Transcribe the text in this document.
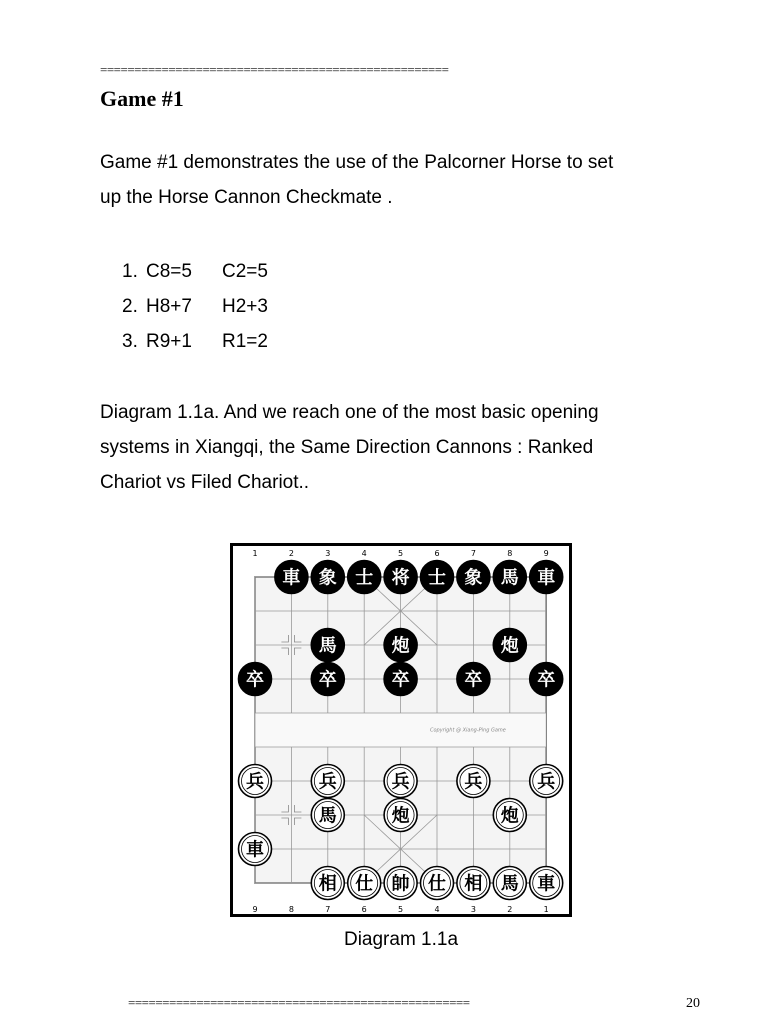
===================================================
Game #1
Game #1 demonstrates the use of the Palcorner Horse to set
up the Horse Cannon Checkmate .
1. C8=5	C2=5
2. H8+7	H2+3
3. R9+1	R1=2
Diagram 1.1a. And we reach one of the most basic opening
systems in Xiangqi, the Same Direction Cannons : Ranked
Chariot vs Filed Chariot..
Copyright @ Xiang-Ping Game
1	2	3	4	5	6	7	8	9
9	8	7	6	5	4	3	2	1
車 象 士 将 士 象 馬 車
馬	炮	炮
卒	卒	卒	卒	卒
兵	兵	兵	兵	兵
馬	炮	炮
車
相 仕 帥 仕 相 馬 車
Diagram 1.1a
==================================================	20
